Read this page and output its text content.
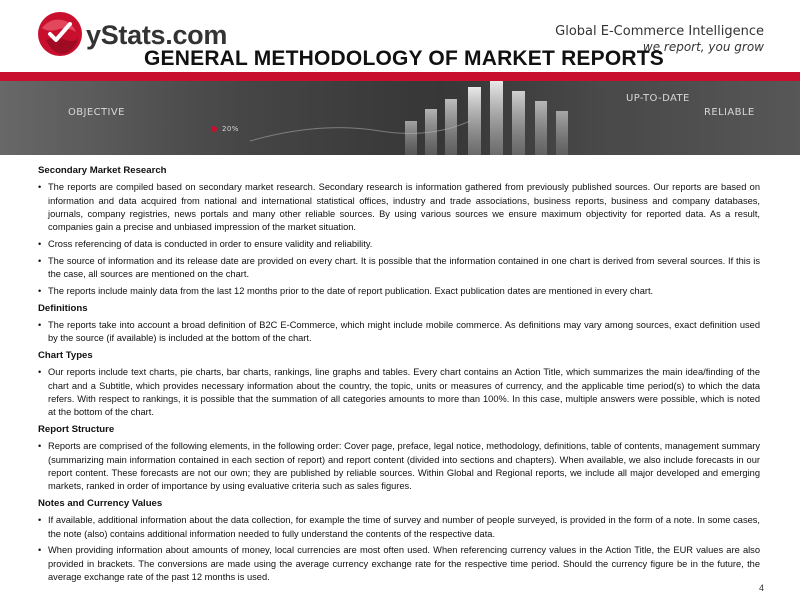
yStats.com	Global E-Commerce Intelligence
we report, you grow
GENERAL METHODOLOGY OF MARKET REPORTS
OBJECTIVE
UP-TO-DATE
RELIABLE
20%
Secondary Market Research
• The reports are compiled based on secondary market research. Secondary research is information gathered from previously published sources. Our reports are based on information and data acquired from national and international statistical offices, industry and trade associations, business reports, business and company databases, journals, company registries, news portals and many other reliable sources. By using various sources we ensure maximum objectivity for reported data. As a result, companies gain a precise and unbiased impression of the market situation.
• Cross referencing of data is conducted in order to ensure validity and reliability.
• The source of information and its release date are provided on every chart. It is possible that the information contained in one chart is derived from several sources. If this is the case, all sources are mentioned on the chart.
• The reports include mainly data from the last 12 months prior to the date of report publication. Exact publication dates are mentioned in every chart.
Definitions
• The reports take into account a broad definition of B2C E-Commerce, which might include mobile commerce. As definitions may vary among sources, exact definition used by the source (if available) is included at the bottom of the chart.
Chart Types
• Our reports include text charts, pie charts, bar charts, rankings, line graphs and tables. Every chart contains an Action Title, which summarizes the main idea/finding of the chart and a Subtitle, which provides necessary information about the country, the topic, units or measures of currency, and the applicable time period(s) to which the data refers. With respect to rankings, it is possible that the summation of all categories amounts to more than 100%. In this case, multiple answers were possible, which is noted at the bottom of the chart.
Report Structure
• Reports are comprised of the following elements, in the following order: Cover page, preface, legal notice, methodology, definitions, table of contents, management summary (summarizing main information contained in each section of report) and report content (divided into sections and chapters). When available, we also include forecasts in our report content. These forecasts are not our own; they are published by reliable sources. Within Global and Regional reports, we include all major developed and emerging markets, ranked in order of importance by using evaluative criteria such as sales figures.
Notes and Currency Values
• If available, additional information about the data collection, for example the time of survey and number of people surveyed, is provided in the form of a note. In some cases, the note (also) contains additional information needed to fully understand the contents of the respective data.
• When providing information about amounts of money, local currencies are most often used. When referencing currency values in the Action Title, the EUR values are also provided in brackets. The conversions are made using the average currency exchange rate for the respective time period. Should the currency figure be in the future, the average exchange rate of the past 12 months is used.
4
